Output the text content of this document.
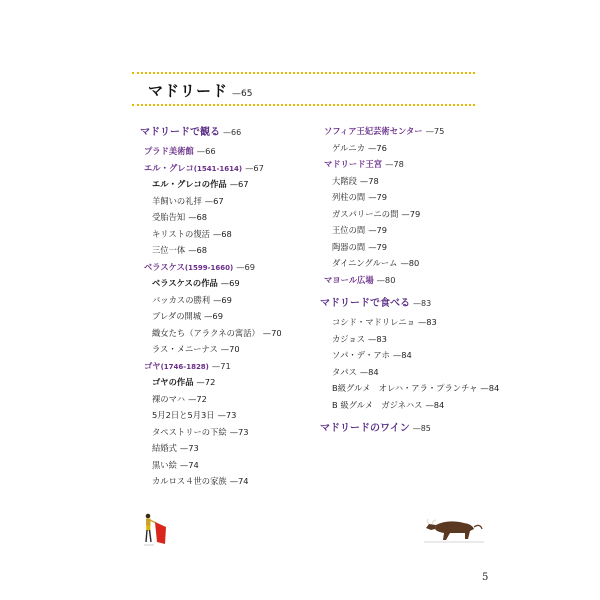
マドリード —65
マドリードで観る —66
プラド美術館 —66
エル・グレコ(1541-1614) —67
エル・グレコの作品 —67
羊飼いの礼拝 —67
受胎告知 —68
キリストの復活 —68
三位一体 —68
ベラスケス(1599-1660) —69
ベラスケスの作品 —69
バッカスの勝利 —69
ブレダの開城 —69
織女たち（アラクネの寓話） —70
ラス・メニーナス —70
ゴヤ(1746-1828) —71
ゴヤの作品 —72
裸のマハ —72
5月2日と5月3日 —73
タペストリーの下絵 —73
結婚式 —73
黒い絵 —74
カルロス４世の家族 —74
ソフィア王妃芸術センター —75
ゲルニカ —76
マドリード王宮 —78
大階段 —78
列柱の間 —79
ガスパリーニの間 —79
王位の間 —79
陶器の間 —79
ダイニングルーム —80
マヨール広場 —80
マドリードで食べる —83
コシド・マドリレニョ —83
カジョス —83
ソパ・デ・アホ —84
タパス —84
B級グルメ　オレハ・アラ・プランチャ —84
B 級グルメ　ガジネハス —84
マドリードのワイン —85
5
